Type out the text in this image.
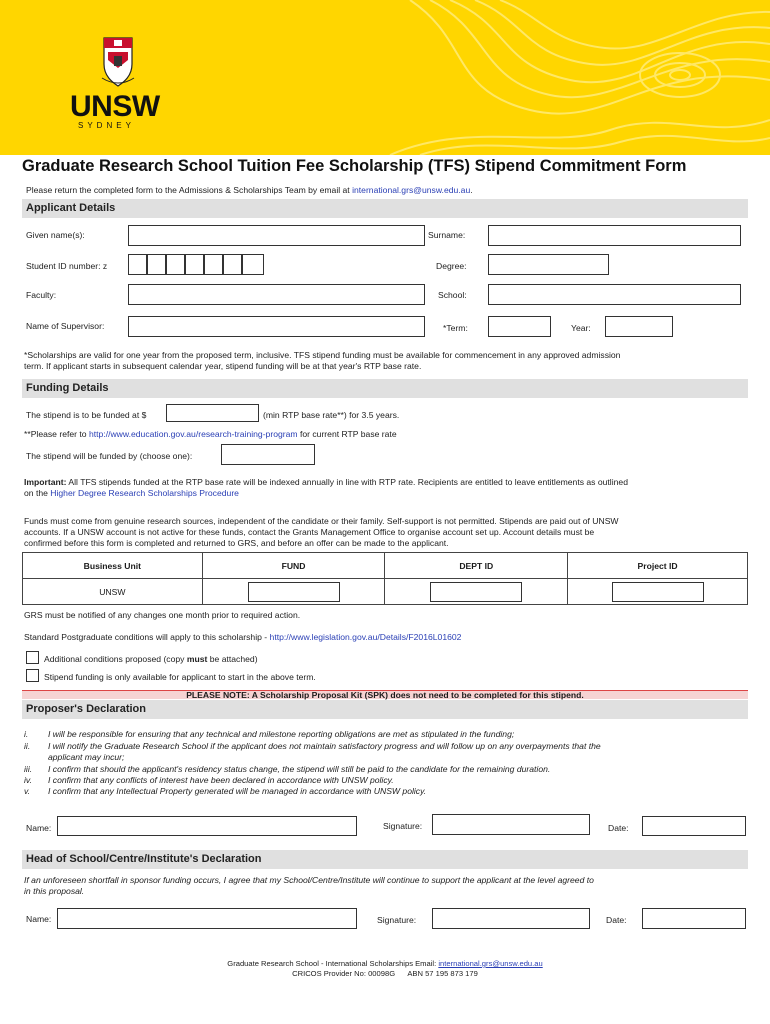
UNSW
SYDNEY
Graduate Research School Tuition Fee Scholarship (TFS) Stipend Commitment Form
Please return the completed form to the Admissions & Scholarships Team by email at international.grs@unsw.edu.au.
Applicant Details
Given name(s):	Surname:
Student ID number: z	Degree:
Faculty:	School:
Name of Supervisor:	*Term:	Year:
*Scholarships are valid for one year from the proposed term, inclusive. TFS stipend funding must be available for commencement in any approved admission
term. If applicant starts in subsequent calendar year, stipend funding will be at that year's RTP base rate.
Funding Details
The stipend is to be funded at $	(min RTP base rate**) for 3.5 years.
**Please refer to http://www.education.gov.au/research-training-program for current RTP base rate
The stipend will be funded by (choose one):
Important: All TFS stipends funded at the RTP base rate will be indexed annually in line with RTP rate. Recipients are entitled to leave entitlements as outlined
on the Higher Degree Research Scholarships Procedure
Funds must come from genuine research sources, independent of the candidate or their family. Self-support is not permitted. Stipends are paid out of UNSW
accounts. If a UNSW account is not active for these funds, contact the Grants Management Office to organise account set up. Account details must be
confirmed before this form is completed and returned to GRS, and before an offer can be made to the applicant.
Business Unit	FUND	DEPT ID	Project ID
UNSW	

GRS must be notified of any changes one month prior to required action.
Standard Postgraduate conditions will apply to this scholarship - http://www.legislation.gov.au/Details/F2016L01602
Additional conditions proposed (copy must be attached)
Stipend funding is only available for applicant to start in the above term.
PLEASE NOTE: A Scholarship Proposal Kit (SPK) does not need to be completed for this stipend.
Proposer's Declaration
i. I will be responsible for ensuring that any technical and milestone reporting obligations are met as stipulated in the funding;
ii. I will notify the Graduate Research School if the applicant does not maintain satisfactory progress and will follow up on any overpayments that the
applicant may incur;
iii. I confirm that should the applicant's residency status change, the stipend will still be paid to the candidate for the remaining duration.
iv. I confirm that any conflicts of interest have been declared in accordance with UNSW policy.
v. I confirm that any Intellectual Property generated will be managed in accordance with UNSW policy.
Name:	Signature:	Date:
Head of School/Centre/Institute's Declaration
If an unforeseen shortfall in sponsor funding occurs, I agree that my School/Centre/Institute will continue to support the applicant at the level agreed to
in this proposal.
Name:	Signature:	Date:
Graduate Research School - International Scholarships Email: international.grs@unsw.edu.au
CRICOS Provider No: 00098G      ABN 57 195 873 179
